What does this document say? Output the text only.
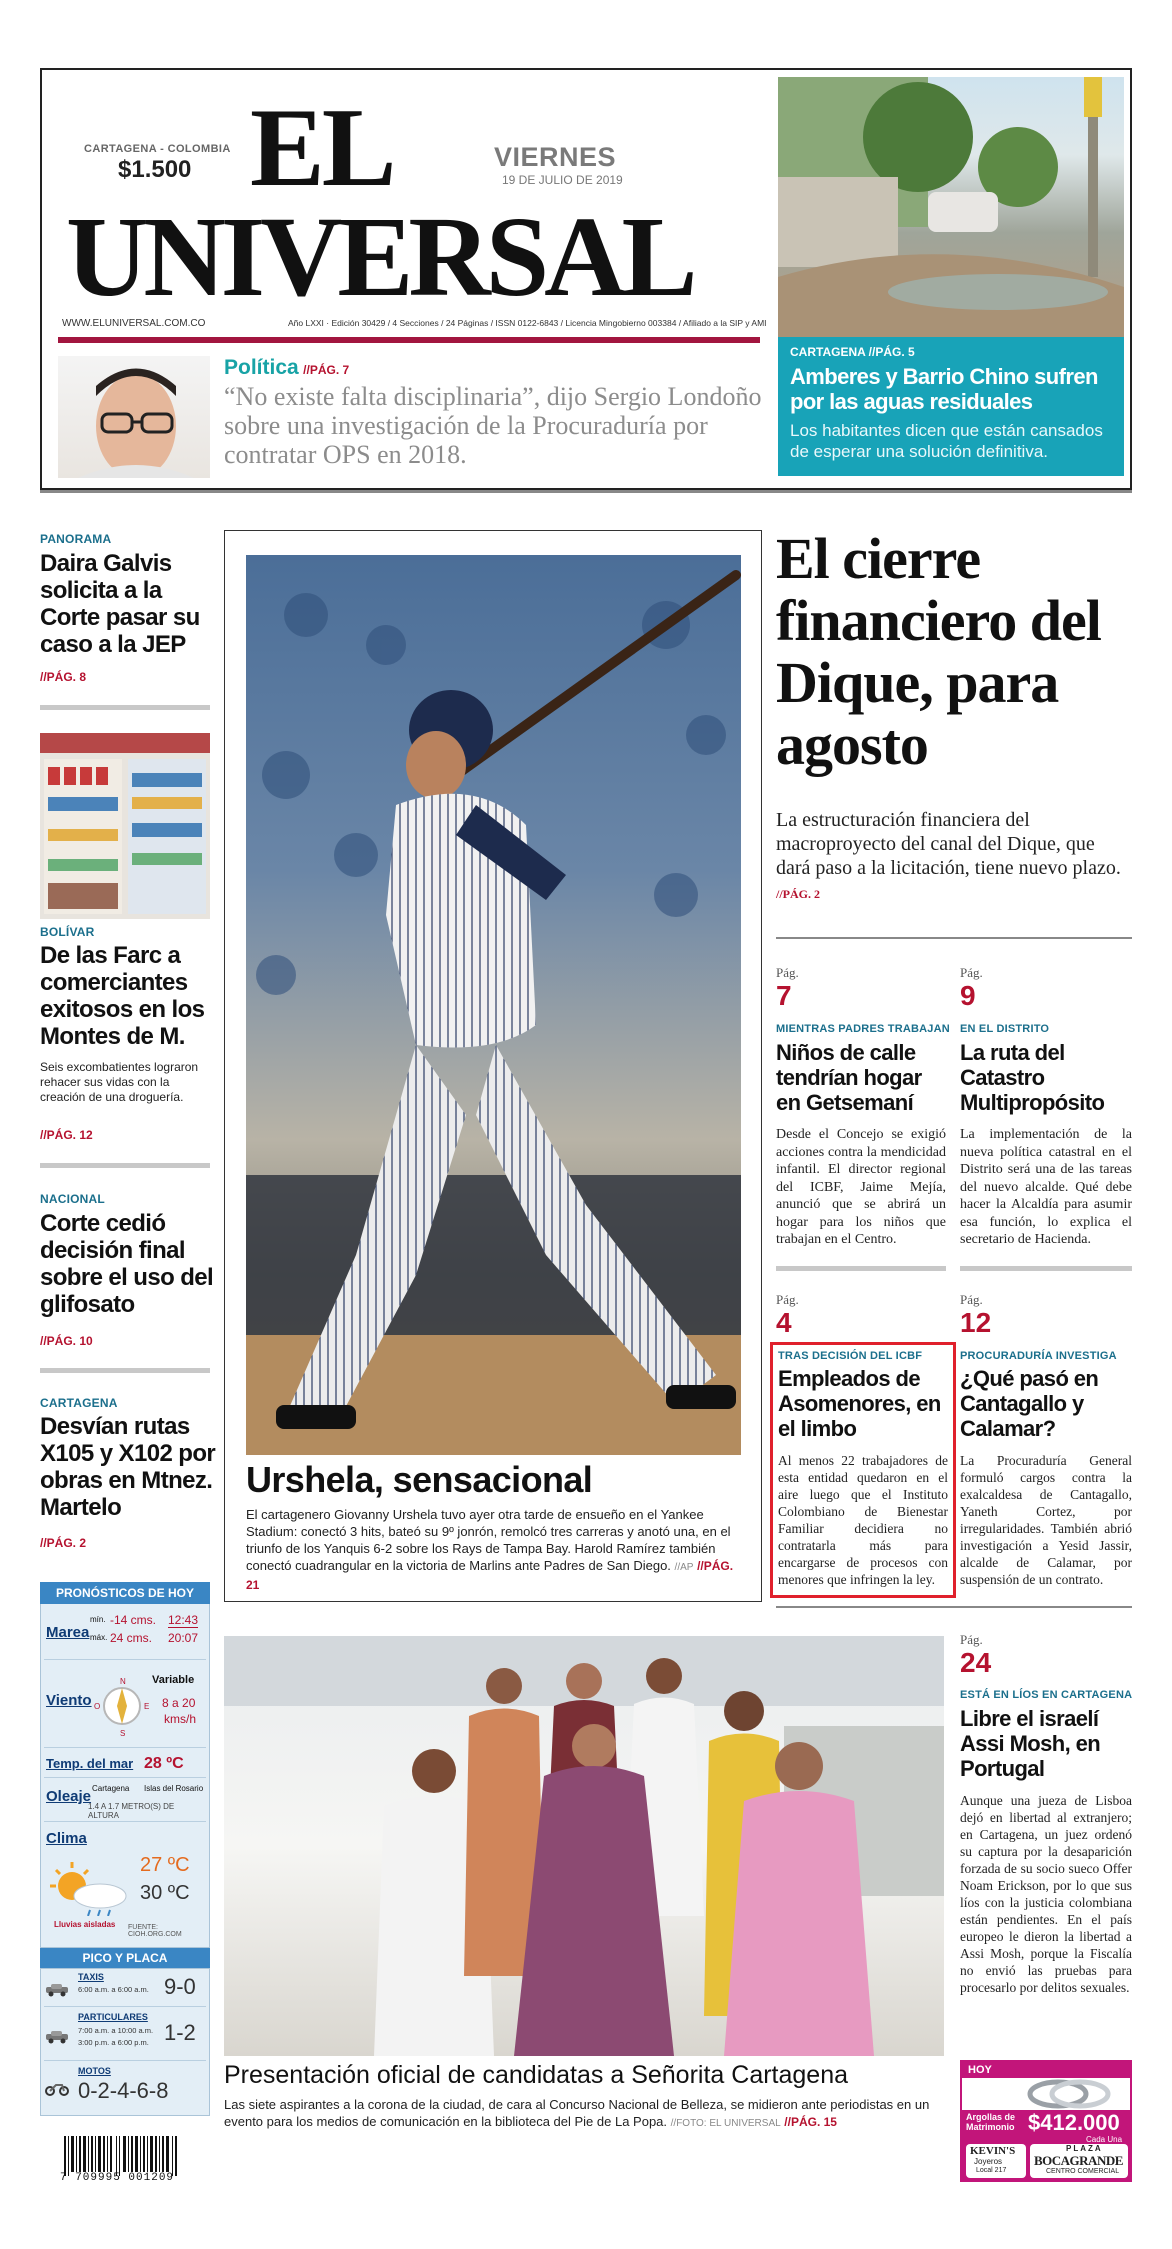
CARTAGENA - COLOMBIA
$1.500 EL
UNIVERSAL
VIERNES
19 DE JULIO DE 2019
WWW.ELUNIVERSAL.COM.CO	Año LXXI · Edición 30429 / 4 Secciones / 24 Páginas / ISSN 0122-6843 / Licencia Mingobierno 003384 / Afiliado a la SIP y AMI
Política //PÁG. 7
“No existe falta disciplinaria”, dijo Sergio Londoño sobre una investigación de la Procuraduría por contratar OPS en 2018.
CARTAGENA //PÁG. 5
Amberes y Barrio Chino sufren por las aguas residuales
Los habitantes dicen que están cansados de esperar una solución definitiva.
PANORAMA
Daira Galvis solicita a la Corte pasar su caso a la JEP
//PÁG. 8
BOLÍVAR
De las Farc a comerciantes exitosos en los Montes de M.
Seis excombatientes lograron rehacer sus vidas con la creación de una droguería.
//PÁG. 12
NACIONAL
Corte cedió decisión final sobre el uso del glifosato
//PÁG. 10
CARTAGENA
Desvían rutas X105 y X102 por obras en Mtnez. Martelo
//PÁG. 2
PRONÓSTICOS DE HOY
Marea
mín. -14 cms. 12:43
máx. 24 cms. 20:07
Viento
N
S
O	E
Variable
8 a 20
kms/h
Temp. del mar 28 ºC
Oleaje Cartagena Islas del Rosario
1.4 A 1.7 METRO(S) DE ALTURA
Clima
27 ºC
30 ºC
Lluvias aisladas FUENTE: CIOH.ORG.COM
PICO Y PLACA
TAXIS
6:00 a.m. a 6:00 a.m. 9-0
PARTICULARES
7:00 a.m. a 10:00 a.m.
3:00 p.m. a 6:00 p.m. 1-2
MOTOS
0-2-4-6-8
7 709995 001209
Urshela, sensacional
El cartagenero Giovanny Urshela tuvo ayer otra tarde de ensueño en el Yankee Stadium: conectó 3 hits, bateó su 9º jonrón, remolcó tres carreras y anotó una, en el triunfo de los Yanquis 6-2 sobre los Rays de Tampa Bay. Harold Ramírez también conectó cuadrangular en la victoria de Marlins ante Padres de San Diego. //AP //PÁG. 21
El cierre financiero del Dique, para agosto
La estructuración financiera del macroproyecto del canal del Dique, que dará paso a la licitación, tiene nuevo plazo. //PÁG. 2
Pág.
7
MIENTRAS PADRES TRABAJAN
Niños de calle tendrían hogar en Getsemaní
Desde el Concejo se exigió acciones contra la mendicidad infantil. El director regional del ICBF, Jaime Mejía, anunció que se abrirá un hogar para los niños que trabajan en el Centro.
Pág.
9
EN EL DISTRITO
La ruta del Catastro Multipropósito
La implementación de la nueva política catastral en el Distrito será una de las tareas del nuevo alcalde. Qué debe hacer la Alcaldía para asumir esa función, lo explica el secretario de Hacienda.
Pág.
4
TRAS DECISIÓN DEL ICBF
Empleados de Asomenores, en el limbo
Al menos 22 trabajadores de esta entidad quedaron en el aire luego que el Instituto Colombiano de Bienestar Familiar decidiera no contratarla más para encargarse de procesos con menores que infringen la ley.
Pág.
12
PROCURADURÍA INVESTIGA
¿Qué pasó en Cantagallo y Calamar?
La Procuraduría General formuló cargos contra la exalcaldesa de Cantagallo, Yaneth Cortez, por irregularidades. También abrió investigación a Yesid Jassir, alcalde de Calamar, por suspensión de un contrato.
Presentación oficial de candidatas a Señorita Cartagena
Las siete aspirantes a la corona de la ciudad, de cara al Concurso Nacional de Belleza, se midieron ante periodistas en un evento para los medios de comunicación en la biblioteca del Pie de La Popa. //FOTO: EL UNIVERSAL //PÁG. 15
Pág.
24
ESTÁ EN LÍOS EN CARTAGENA
Libre el israelí Assi Mosh, en Portugal
Aunque una jueza de Lisboa dejó en libertad al extranjero; en Cartagena, un juez ordenó su captura por la desaparición forzada de su socio sueco Offer Noam Erickson, por lo que sus líos con la justicia colombiana están pendientes. En el país europeo le dieron la libertad a Assi Mosh, porque la Fiscalía no envió las pruebas para procesarlo por delitos sexuales.
HOY
Argollas de Matrimonio $412.000
Cada Una
KEVIN'S
Joyeros
Local 217
PLAZA
BOCAGRANDE
CENTRO COMERCIAL
